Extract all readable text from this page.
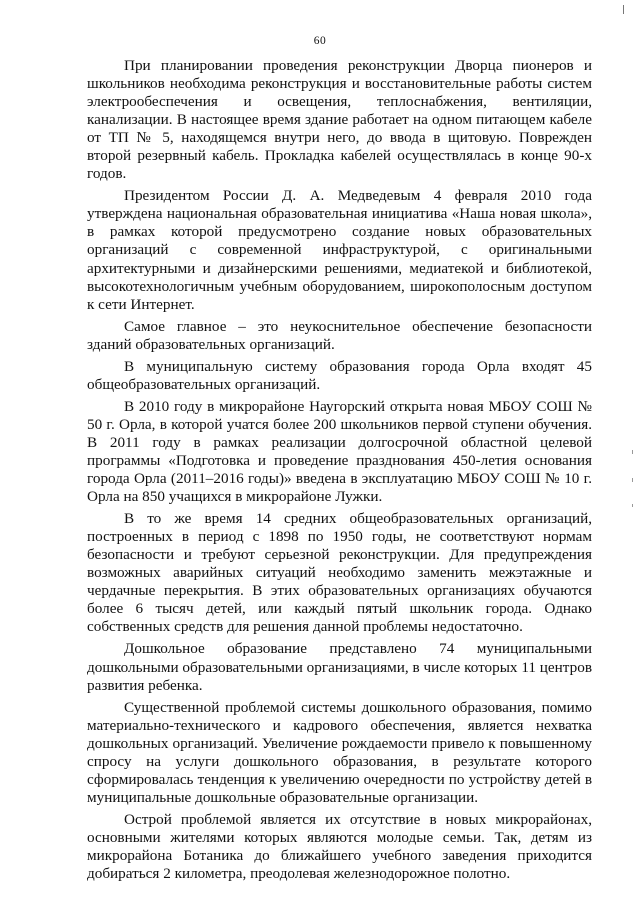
60

При планировании проведения реконструкции Дворца пионеров и школьников необходима реконструкция и восстановительные работы систем электрообеспечения и освещения, теплоснабжения, вентиляции, канализации. В настоящее время здание работает на одном питающем кабеле от ТП № 5, находящемся внутри него, до ввода в щитовую. Поврежден второй резервный кабель. Прокладка кабелей осуществлялась в конце 90-х годов.

Президентом России Д. А. Медведевым 4 февраля 2010 года утверждена национальная образовательная инициатива «Наша новая школа», в рамках которой предусмотрено создание новых образовательных организаций с современной инфраструктурой, с оригинальными архитектурными и дизайнерскими решениями, медиатекой и библиотекой, высокотехнологичным учебным оборудованием, широкополосным доступом к сети Интернет.

Самое главное – это неукоснительное обеспечение безопасности зданий образовательных организаций.

В муниципальную систему образования города Орла входят 45 общеобразовательных организаций.

В 2010 году в микрорайоне Наугорский открыта новая МБОУ СОШ № 50 г. Орла, в которой учатся более 200 школьников первой ступени обучения. В 2011 году в рамках реализации долгосрочной областной целевой программы «Подготовка и проведение празднования 450-летия основания города Орла (2011–2016 годы)» введена в эксплуатацию МБОУ СОШ № 10 г. Орла на 850 учащихся в микрорайоне Лужки.

В то же время 14 средних общеобразовательных организаций, построенных в период с 1898 по 1950 годы, не соответствуют нормам безопасности и требуют серьезной реконструкции. Для предупреждения возможных аварийных ситуаций необходимо заменить межэтажные и чердачные перекрытия. В этих образовательных организациях обучаются более 6 тысяч детей, или каждый пятый школьник города. Однако собственных средств для решения данной проблемы недостаточно.

Дошкольное образование представлено 74 муниципальными дошкольными образовательными организациями, в числе которых 11 центров развития ребенка.

Существенной проблемой системы дошкольного образования, помимо материально-технического и кадрового обеспечения, является нехватка дошкольных организаций. Увеличение рождаемости привело к повышенному спросу на услуги дошкольного образования, в результате которого сформировалась тенденция к увеличению очередности по устройству детей в муниципальные дошкольные образовательные организации.

Острой проблемой является их отсутствие в новых микрорайонах, основными жителями которых являются молодые семьи. Так, детям из микрорайона Ботаника до ближайшего учебного заведения приходится добираться 2 километра, преодолевая железнодорожное полотно.
